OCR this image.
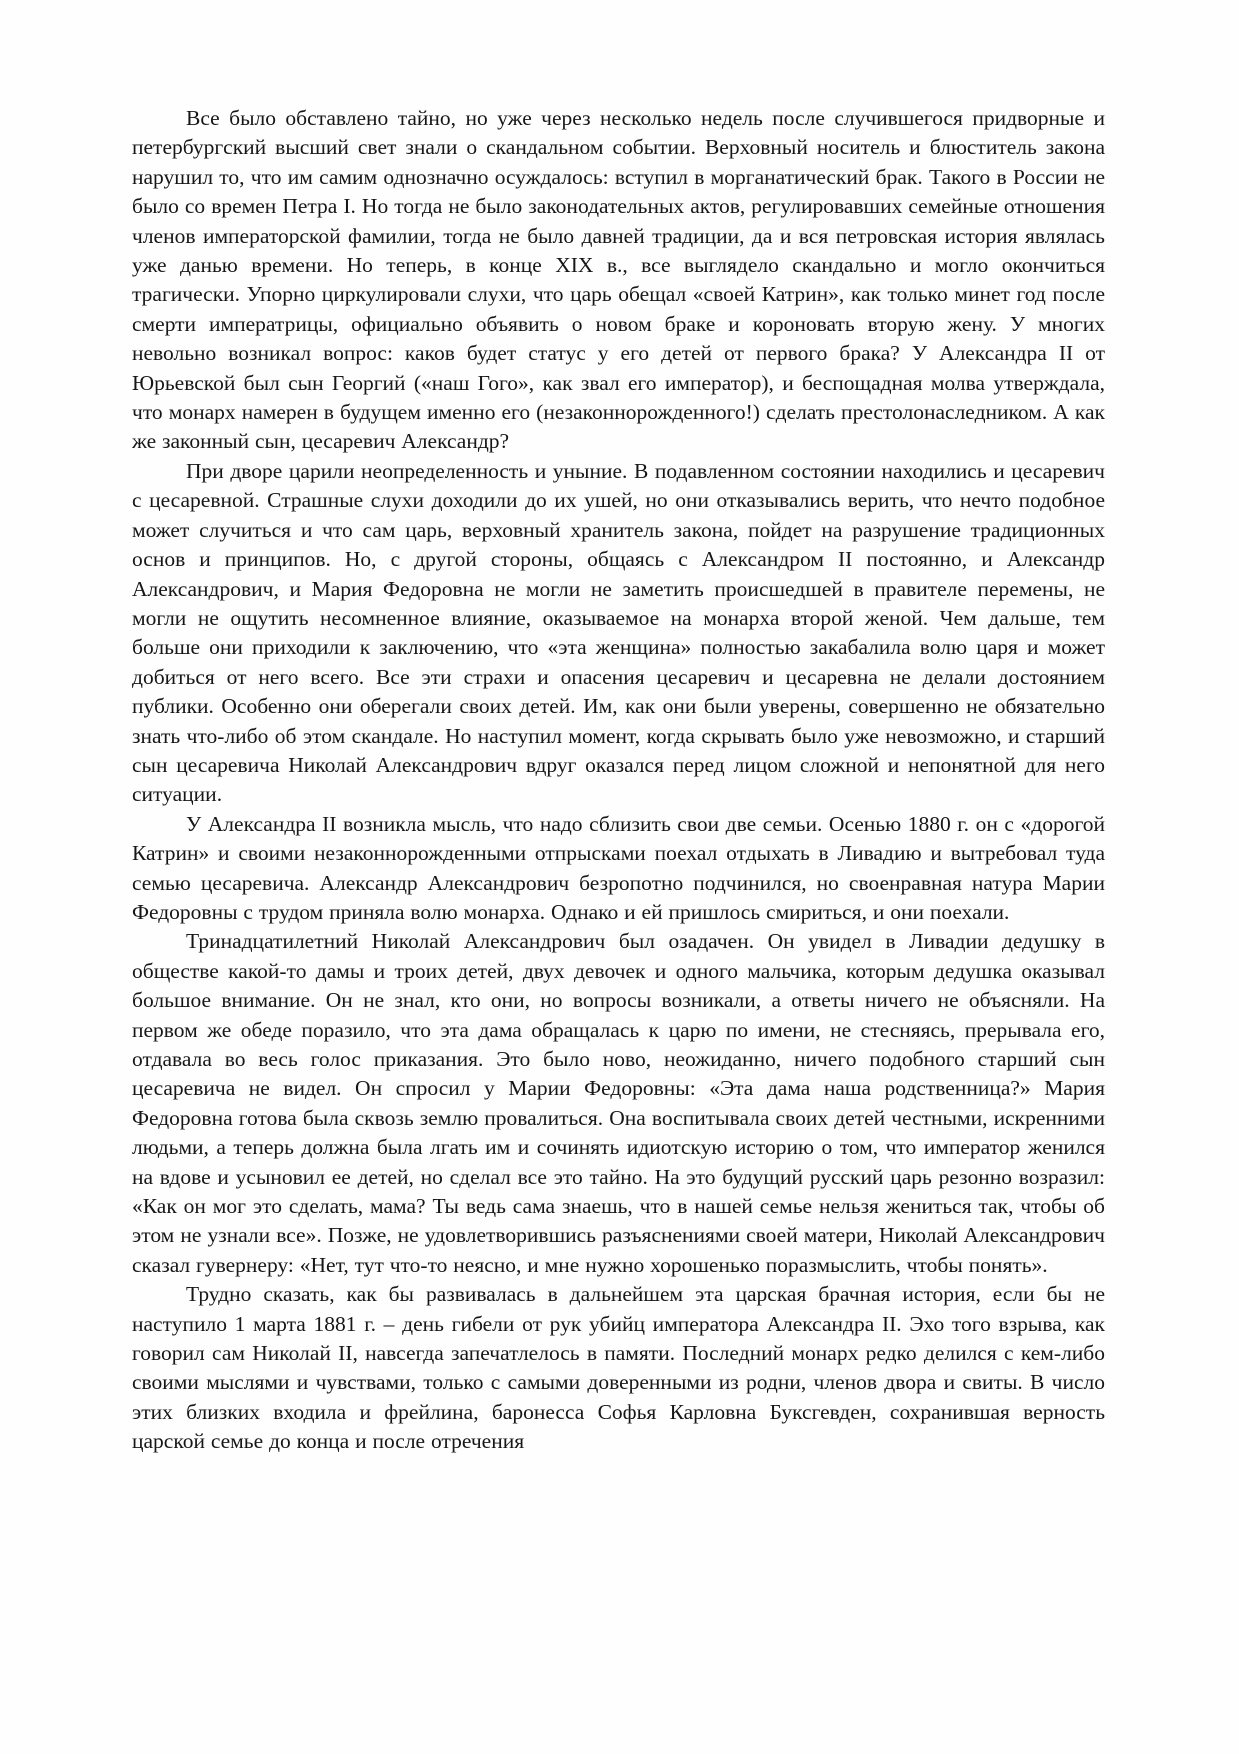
Все было обставлено тайно, но уже через несколько недель после случившегося придворные и петербургский высший свет знали о скандальном событии. Верховный носитель и блюститель закона нарушил то, что им самим однозначно осуждалось: вступил в морганатический брак. Такого в России не было со времен Петра I. Но тогда не было законодательных актов, регулировавших семейные отношения членов императорской фамилии, тогда не было давней традиции, да и вся петровская история являлась уже данью времени. Но теперь, в конце XIX в., все выглядело скандально и могло окончиться трагически. Упорно циркулировали слухи, что царь обещал «своей Катрин», как только минет год после смерти императрицы, официально объявить о новом браке и короновать вторую жену. У многих невольно возникал вопрос: каков будет статус у его детей от первого брака? У Александра II от Юрьевской был сын Георгий («наш Гого», как звал его император), и беспощадная молва утверждала, что монарх намерен в будущем именно его (незаконнорожденного!) сделать престолонаследником. А как же законный сын, цесаревич Александр?

При дворе царили неопределенность и уныние. В подавленном состоянии находились и цесаревич с цесаревной. Страшные слухи доходили до их ушей, но они отказывались верить, что нечто подобное может случиться и что сам царь, верховный хранитель закона, пойдет на разрушение традиционных основ и принципов. Но, с другой стороны, общаясь с Александром II постоянно, и Александр Александрович, и Мария Федоровна не могли не заметить происшедшей в правителе перемены, не могли не ощутить несомненное влияние, оказываемое на монарха второй женой. Чем дальше, тем больше они приходили к заключению, что «эта женщина» полностью закабалила волю царя и может добиться от него всего. Все эти страхи и опасения цесаревич и цесаревна не делали достоянием публики. Особенно они оберегали своих детей. Им, как они были уверены, совершенно не обязательно знать что-либо об этом скандале. Но наступил момент, когда скрывать было уже невозможно, и старший сын цесаревича Николай Александрович вдруг оказался перед лицом сложной и непонятной для него ситуации.

У Александра II возникла мысль, что надо сблизить свои две семьи. Осенью 1880 г. он с «дорогой Катрин» и своими незаконнорожденными отпрысками поехал отдыхать в Ливадию и вытребовал туда семью цесаревича. Александр Александрович безропотно подчинился, но своенравная натура Марии Федоровны с трудом приняла волю монарха. Однако и ей пришлось смириться, и они поехали.

Тринадцатилетний Николай Александрович был озадачен. Он увидел в Ливадии дедушку в обществе какой-то дамы и троих детей, двух девочек и одного мальчика, которым дедушка оказывал большое внимание. Он не знал, кто они, но вопросы возникали, а ответы ничего не объясняли. На первом же обеде поразило, что эта дама обращалась к царю по имени, не стесняясь, прерывала его, отдавала во весь голос приказания. Это было ново, неожиданно, ничего подобного старший сын цесаревича не видел. Он спросил у Марии Федоровны: «Эта дама наша родственница?» Мария Федоровна готова была сквозь землю провалиться. Она воспитывала своих детей честными, искренними людьми, а теперь должна была лгать им и сочинять идиотскую историю о том, что император женился на вдове и усыновил ее детей, но сделал все это тайно. На это будущий русский царь резонно возразил: «Как он мог это сделать, мама? Ты ведь сама знаешь, что в нашей семье нельзя жениться так, чтобы об этом не узнали все». Позже, не удовлетворившись разъяснениями своей матери, Николай Александрович сказал гувернеру: «Нет, тут что-то неясно, и мне нужно хорошенько поразмыслить, чтобы понять».

Трудно сказать, как бы развивалась в дальнейшем эта царская брачная история, если бы не наступило 1 марта 1881 г. – день гибели от рук убийц императора Александра II. Эхо того взрыва, как говорил сам Николай II, навсегда запечатлелось в памяти. Последний монарх редко делился с кем-либо своими мыслями и чувствами, только с самыми доверенными из родни, членов двора и свиты. В число этих близких входила и фрейлина, баронесса Софья Карловна Буксгевден, сохранившая верность царской семье до конца и после отречения
